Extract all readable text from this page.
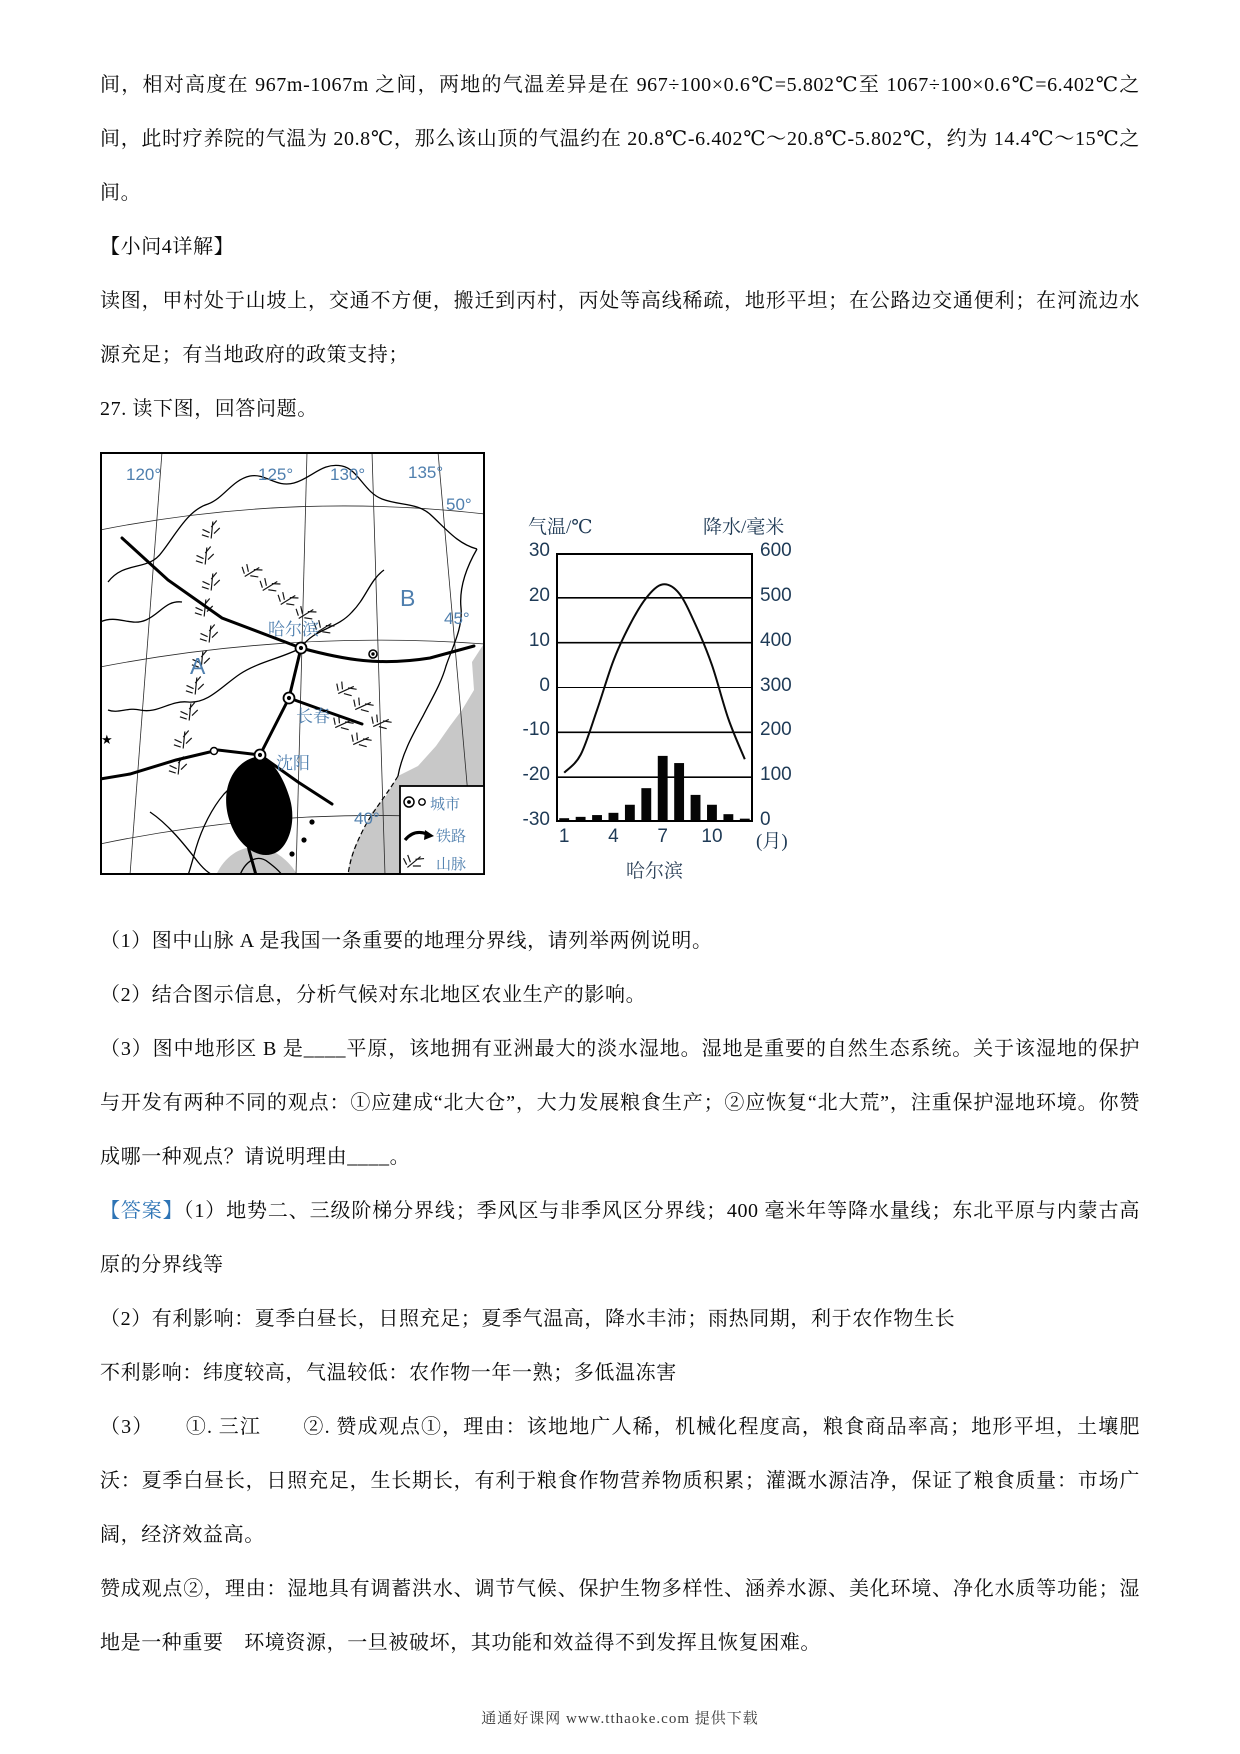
间，相对高度在 967m-1067m 之间，两地的气温差异是在 967÷100×0.6℃=5.802℃至 1067÷100×0.6℃=6.402℃之间，此时疗养院的气温为 20.8℃，那么该山顶的气温约在 20.8℃-6.402℃～20.8℃-5.802℃，约为 14.4℃～15℃之间。

【小问4详解】

读图，甲村处于山坡上，交通不方便，搬迁到丙村，丙处等高线稀疏，地形平坦；在公路边交通便利；在河流边水源充足；有当地政府的政策支持；

27. 读下图，回答问题。

★
城市
铁路
山脉
120°	125° 130°	135°
50°
45°
40°
A
B
哈尔滨
长春
沈阳
气温/℃	降水/毫米
30
20
10
0
-10
-20
-30
600
500
400
300
200
100
0
1	4	7	10	(月)
哈尔滨

（1）图中山脉 A 是我国一条重要的地理分界线，请列举两例说明。

（2）结合图示信息，分析气候对东北地区农业生产的影响。

（3）图中地形区 B 是____平原，该地拥有亚洲最大的淡水湿地。湿地是重要的自然生态系统。关于该湿地的保护与开发有两种不同的观点：①应建成“北大仓”，大力发展粮食生产；②应恢复“北大荒”，注重保护湿地环境。你赞成哪一种观点？请说明理由____。

【答案】（1）地势二、三级阶梯分界线；季风区与非季风区分界线；400 毫米年等降水量线；东北平原与内蒙古高原的分界线等

（2）有利影响：夏季白昼长，日照充足；夏季气温高，降水丰沛；雨热同期，利于农作物生长

不利影响：纬度较高，气温较低：农作物一年一熟；多低温冻害

（3）　　①. 三江　　②. 赞成观点①，理由：该地地广人稀，机械化程度高，粮食商品率高；地形平坦，土壤肥沃：夏季白昼长，日照充足，生长期长，有利于粮食作物营养物质积累；灌溉水源洁净，保证了粮食质量：市场广阔，经济效益高。

赞成观点②，理由：湿地具有调蓄洪水、调节气候、保护生物多样性、涵养水源、美化环境、净化水质等功能；湿地是一种重要　环境资源，一旦被破坏，其功能和效益得不到发挥且恢复困难。

通通好课网 www.tthaoke.com 提供下载
